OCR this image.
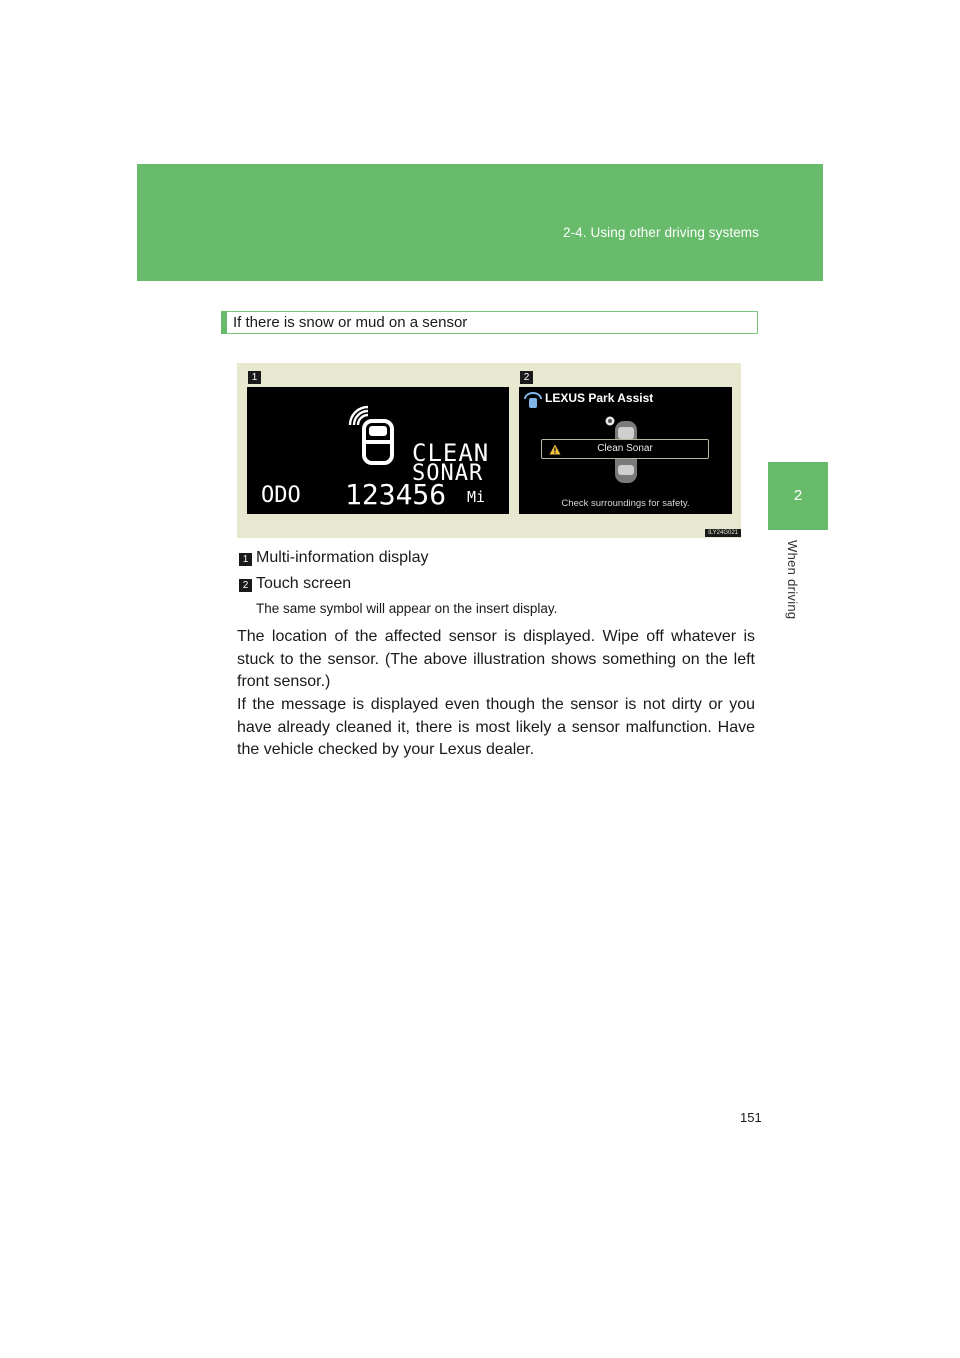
2-4. Using other driving systems
2
When driving
If there is snow or mud on a sensor
1	2
CLEAN
SONAR
ODO 123456 Mi
LEXUS Park Assist
Clean Sonar
Check surroundings for safety.
ILY24G021
1 Multi-information display
2 Touch screen
The same symbol will appear on the insert display.
The location of the affected sensor is displayed. Wipe off whatever is stuck to the sensor. (The above illustration shows something on the left front sensor.)
If the message is displayed even though the sensor is not dirty or you have already cleaned it, there is most likely a sensor malfunction. Have the vehicle checked by your Lexus dealer.
151
